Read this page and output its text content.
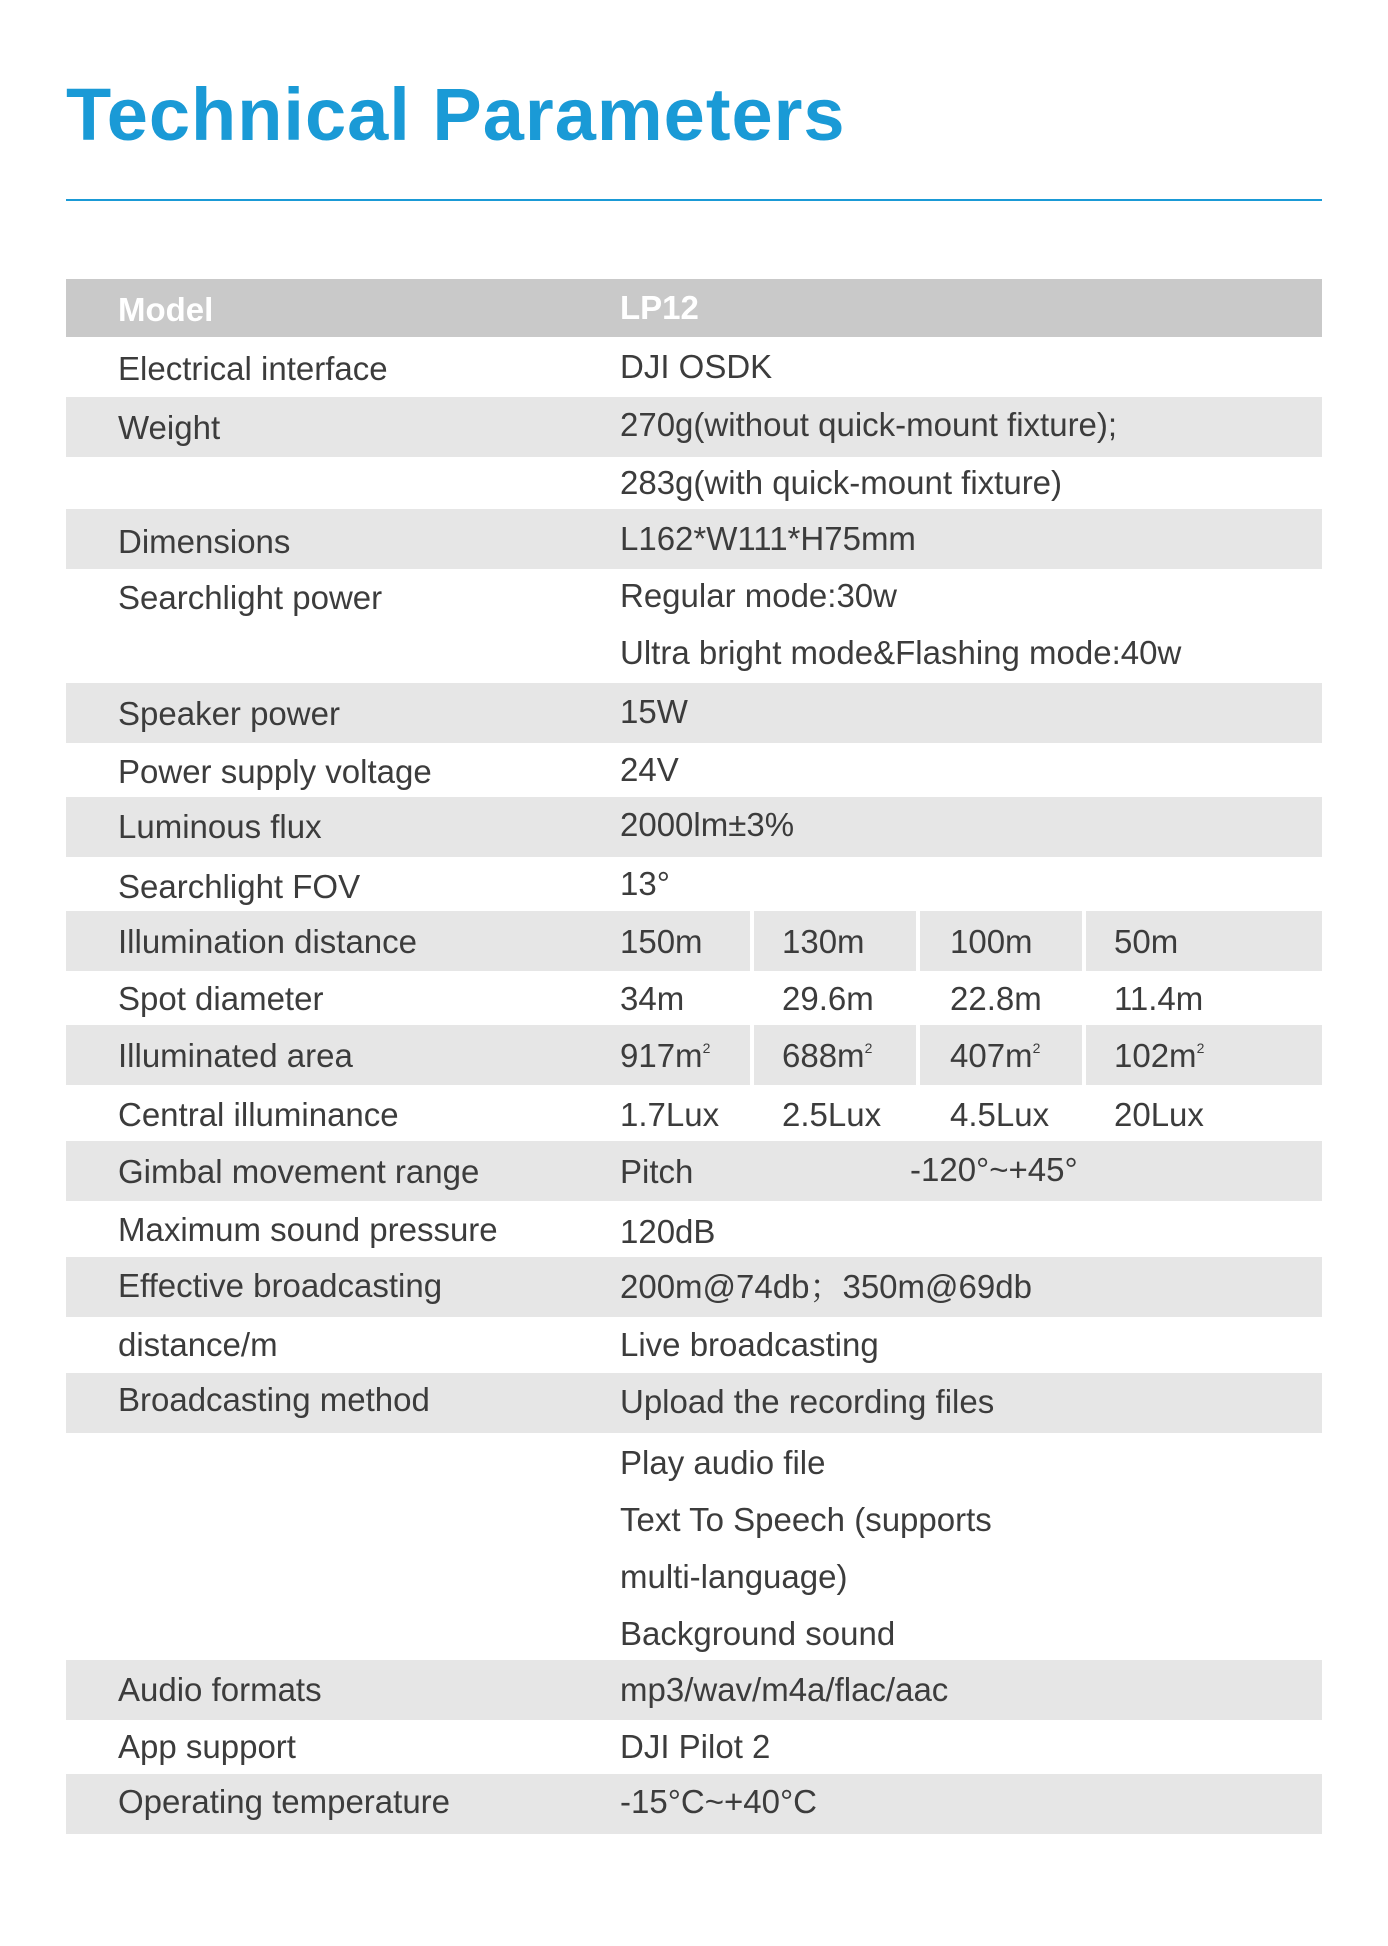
Technical Parameters
Model	LP12
Electrical interface	DJI OSDK
Weight	270g(without quick-mount fixture);
283g(with quick-mount fixture)
Dimensions	L162*W111*H75mm
Searchlight power	Regular mode:30w
Ultra bright mode&Flashing mode:40w
Speaker power	15W
Power supply voltage	24V
Luminous flux	2000lm±3%
Searchlight FOV	13°
Illumination distance	150m 130m	100m 50m
Spot diameter	34m	29.6m 22.8m 11.4m
Illuminated area	$917m^2$ $688m^2$ $407m^2$ $102m^2$
Central illuminance	1.7Lux 2.5Lux 4.5Lux 20Lux
Gimbal movement range	Pitch	-120°~+45°
Maximum sound pressure	120dB
Effective broadcasting	200m@74db；350m@69db
distance/m	Live broadcasting
Broadcasting method	Upload the recording files
Play audio file
Text To Speech (supports
multi-language)
Background sound
Audio formats	mp3/wav/m4a/flac/aac
App support	DJI Pilot 2
Operating temperature	-15°C~+40°C
